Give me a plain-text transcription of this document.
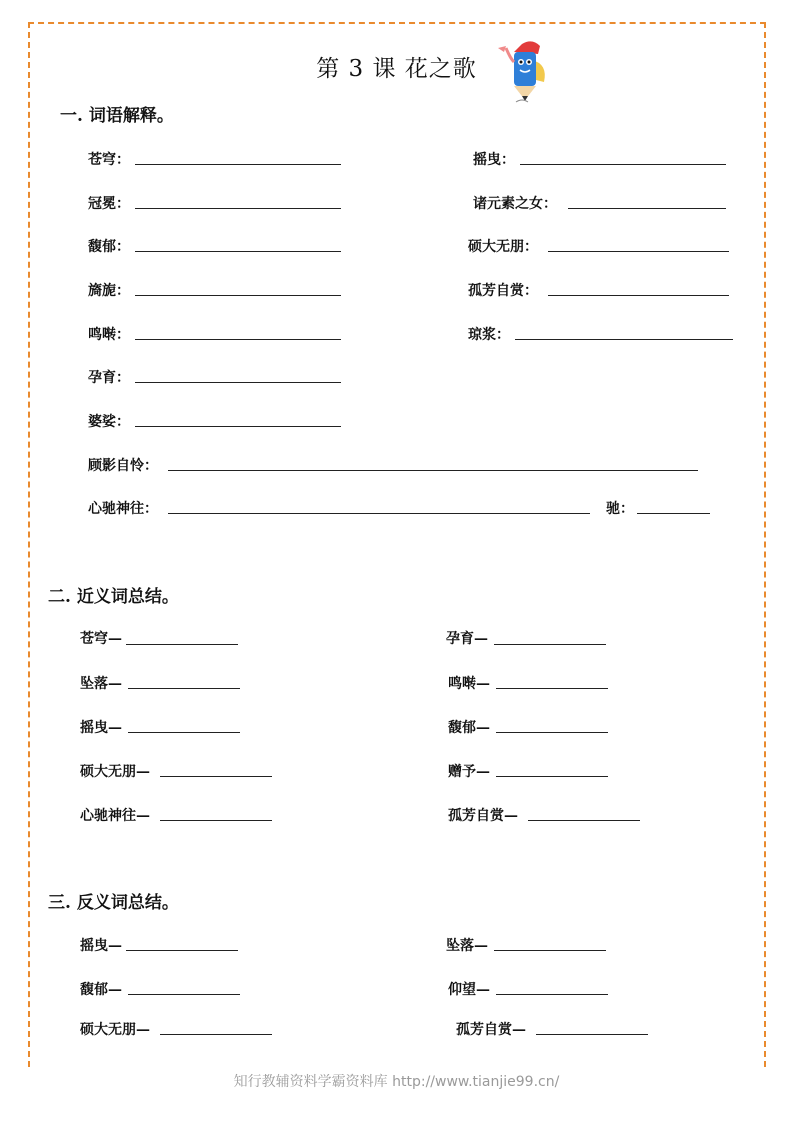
第 3 课 花之歌
一. 词语解释。
苍穹：	摇曳：
冠冕：	诸元素之女：
馥郁：	硕大无朋：
旖旎：	孤芳自赏：
鸣啭：	琼浆：
孕育：
婆娑：
顾影自怜：
心驰神往：	驰：
二. 近义词总结。
苍穹—	孕育—
坠落—	鸣啭—
摇曳—	馥郁—
硕大无朋—	赠予—
心驰神往—	孤芳自赏—
三. 反义词总结。
摇曳—	坠落—
馥郁—	仰望—
硕大无朋—	孤芳自赏—
知行教辅资料学霸资料库 http://www.tianjie99.cn/
